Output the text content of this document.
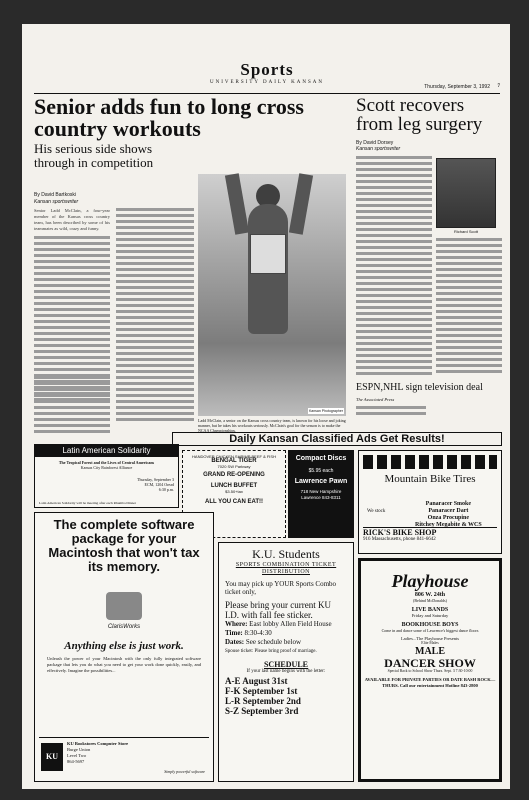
Sports
UNIVERSITY DAILY KANSAN
Thursday, September 3, 1992 7
Senior adds fun to long cross country workouts
His serious side shows through in competition
By David Bartkoski
Kansan sportswriter

Senior Ladd McClain, a four-year member of the Kansas cross country team, has been described by some of his teammates as wild, crazy and funny.

Kansan Photographer
Ladd McClain, a senior on the Kansas cross country team, is known for his loose and joking manner, but he takes his workouts seriously. McClain's goal for the season is to make the NCAA Championships.
Scott recovers from leg surgery
By David Dorsey
Kansan sportswriter
Richard Scott
ESPN,NHL sign television deal
The Associated Press
Daily Kansan Classified Ads Get Results!
Latin American Solidarity
The Tropical Forest and the Lives of Central Americans
Kansas City Rainforest Alliance
Thursday, September 3
ECM, 1204 Oread
6:30 p.m.
Latin American Solidarity will be meeting after each Rhumba Dinner

HANDOVER CHICKEN SHRIMP BEEF & FISH

BENGAL TIGER

7020 SW Parkway

GRAND RE-OPENING

LUNCH BUFFET

$3.50+tax

ALL YOU CAN EAT!!

Compact Discs

$5.95 each

Lawrence Pawn

718 New Hampshire
Lawrence 843-8311

Mountain Bike Tires
We stock
Panaracer Smoke
Panaracer Dart
Onza Procupine
Ritchey Megabite & WCS
RICK'S BIKE SHOP
916 Massachusetts, phone 841-6642
The complete software package for your Macintosh that won't tax its memory.
ClarisWorks
Anything else is just work.
Unleash the power of your Macintosh with the only fully integrated software package that lets you do what you need to get your work done quickly, easily, and effectively. Imagine the possibilities...
KU
KU Bookstores Computer Store
Burge Union
Level Two
864-5697
Simply powerful software
K.U. Students
SPORTS COMBINATION TICKET DISTRIBUTION
You may pick up YOUR Sports Combo ticket only,
Please bring your current KU I.D. with fall fee sticker.
Where: East lobby Allen Field House
Time: 8:30-4:30
Dates: See schedule below
Spouse ticket: Please bring proof of marriage.
SCHEDULE
If your last name begins with the letter:
A-E August 31st
F-K September 1st
L-R September 2nd
S-Z September 3rd
Playhouse
806 W. 24th
(Behind McDonalds)
LIVE BANDS
Friday and Saturday
BOOKHOUSE BOYS
Come in and dance some of Lawrence's biggest dance floors
Ladies...The Playhouse Presents
Elite Males
MALE
DANCER SHOW
Special Back to School Show Thurs. Sept. 3 7:30-10:00
AVAILABLE FOR PRIVATE PARTIES OR DATE BASH ROCK— THURS. Call our entertainment Hotline 843-2800
